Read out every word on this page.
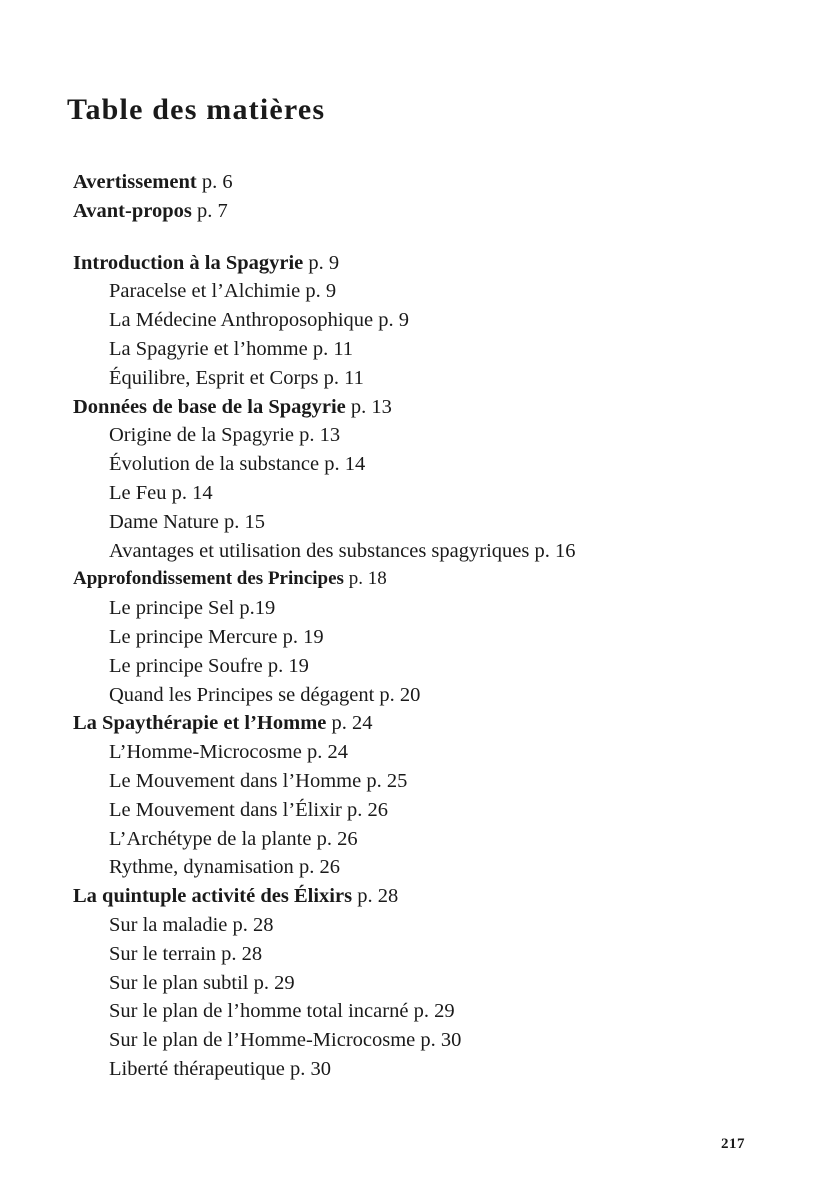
Table des matières
Avertissement p. 6
Avant-propos p. 7
Introduction à la Spagyrie p. 9
Paracelse et l’Alchimie p. 9
La Médecine Anthroposophique p. 9
La Spagyrie et l’homme p. 11
Équilibre, Esprit et Corps p. 11
Données de base de la Spagyrie p. 13
Origine de la Spagyrie p. 13
Évolution de la substance p. 14
Le Feu p. 14
Dame Nature p. 15
Avantages et utilisation des substances spagyriques p. 16
Approfondissement des Principes p. 18
Le principe Sel p.19
Le principe Mercure p. 19
Le principe Soufre p. 19
Quand les Principes se dégagent p. 20
La Spaythérapie et l’Homme p. 24
L’Homme-Microcosme p. 24
Le Mouvement dans l’Homme p. 25
Le Mouvement dans l’Élixir p. 26
L’Archétype de la plante p. 26
Rythme, dynamisation p. 26
La quintuple activité des Élixirs p. 28
Sur la maladie p. 28
Sur le terrain p. 28
Sur le plan subtil p. 29
Sur le plan de l’homme total incarné p. 29
Sur le plan de l’Homme-Microcosme p. 30
Liberté thérapeutique p. 30
217
